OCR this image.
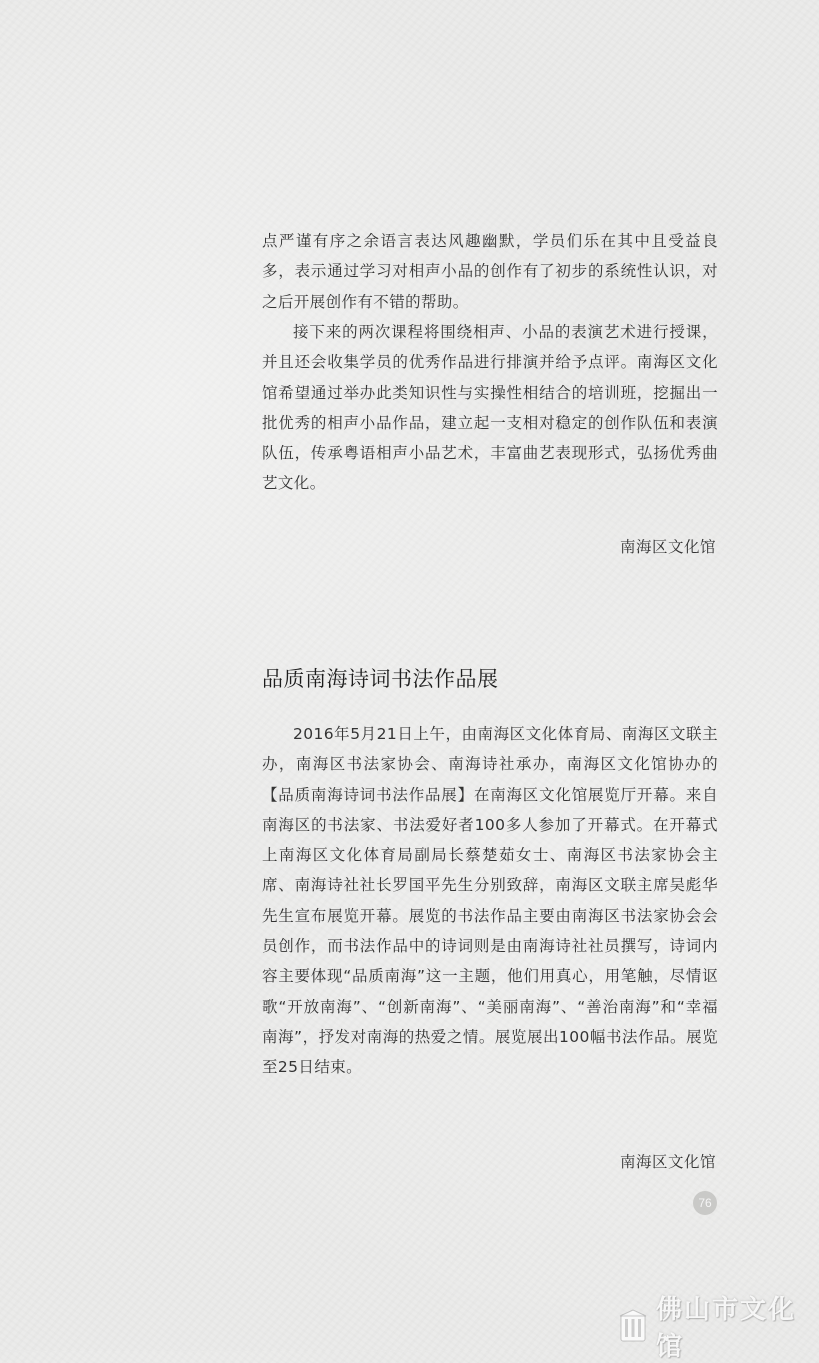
点严谨有序之余语言表达风趣幽默，学员们乐在其中且受益良多，表示通过学习对相声小品的创作有了初步的系统性认识，对之后开展创作有不错的帮助。

接下来的两次课程将围绕相声、小品的表演艺术进行授课，并且还会收集学员的优秀作品进行排演并给予点评。南海区文化馆希望通过举办此类知识性与实操性相结合的培训班，挖掘出一批优秀的相声小品作品，建立起一支相对稳定的创作队伍和表演队伍，传承粤语相声小品艺术，丰富曲艺表现形式，弘扬优秀曲艺文化。

南海区文化馆
品质南海诗词书法作品展

2016年5月21日上午，由南海区文化体育局、南海区文联主办，南海区书法家协会、南海诗社承办，南海区文化馆协办的【品质南海诗词书法作品展】在南海区文化馆展览厅开幕。来自南海区的书法家、书法爱好者100多人参加了开幕式。在开幕式上南海区文化体育局副局长蔡楚茹女士、南海区书法家协会主席、南海诗社社长罗国平先生分别致辞，南海区文联主席吴彪华先生宣布展览开幕。展览的书法作品主要由南海区书法家协会会员创作，而书法作品中的诗词则是由南海诗社社员撰写，诗词内容主要体现“品质南海”这一主题，他们用真心，用笔触，尽情讴歌“开放南海”、“创新南海”、“美丽南海”、“善治南海”和“幸福南海”，抒发对南海的热爱之情。展览展出100幅书法作品。展览至25日结束。

南海区文化馆
76
佛山市文化馆
